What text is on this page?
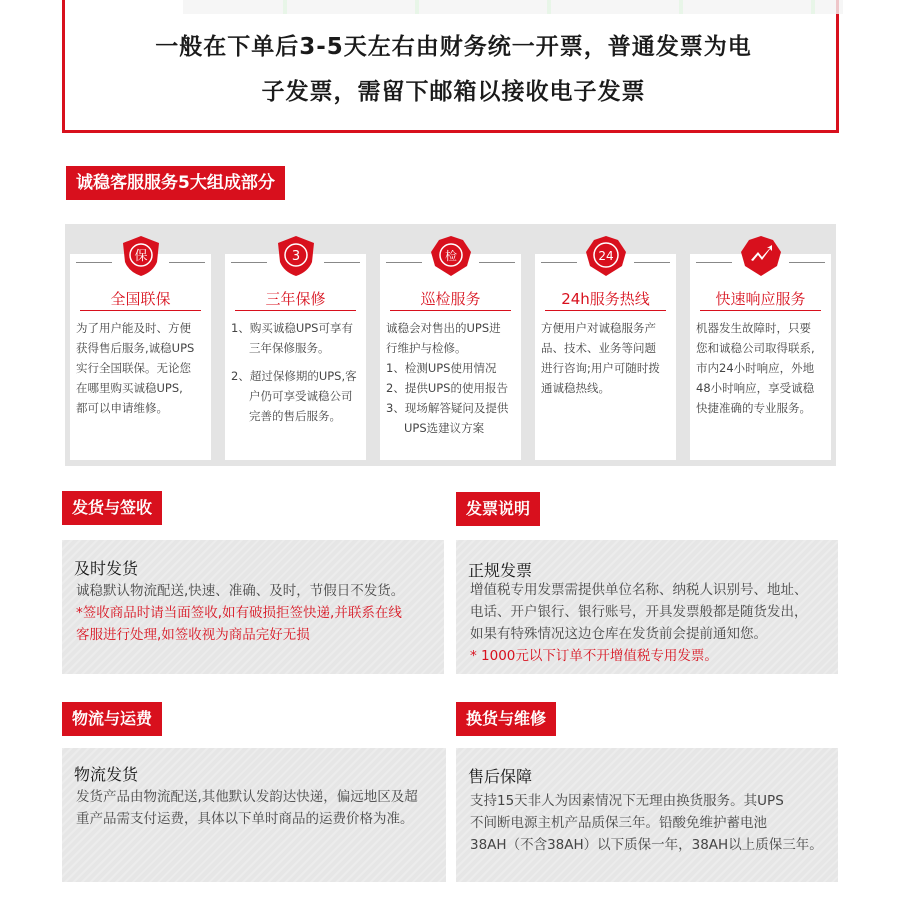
一般在下单后3-5天左右由财务统一开票，普通发票为电
子发票，需留下邮箱以接收电子发票
诚稳客服服务5大组成部分
保
全国联保

为了用户能及时、方便

获得售后服务,诚稳UPS

实行全国联保。无论您

在哪里购买诚稳UPS,

都可以申请维修。

3
三年保修

1、购买诚稳UPS可享有三年保修服务。

2、超过保修期的UPS,客户仍可享受诚稳公司完善的售后服务。

检
巡检服务

诚稳会对售出的UPS进

行维护与检修。

1、检测UPS使用情况

2、提供UPS的使用报告

3、现场解答疑问及提供UPS选建议方案

24
24h服务热线

方便用户对诚稳服务产

品、技术、业务等问题

进行咨询;用户可随时拨

通诚稳热线。

快速响应服务

机器发生故障时，只要

您和诚稳公司取得联系,

市内24小时响应，外地

48小时响应，享受诚稳

快捷准确的专业服务。

发货与签收
及时发货

诚稳默认物流配送,快速、准确、及时，节假日不发货。

*签收商品时请当面签收,如有破损拒签快递,并联系在线

客服进行处理,如签收视为商品完好无损

发票说明
正规发票

增值税专用发票需提供单位名称、纳税人识别号、地址、

电话、开户银行、银行账号，开具发票般都是随货发出，

如果有特殊情况这边仓库在发货前会提前通知您。

* 1000元以下订单不开增值税专用发票。

物流与运费
物流发货

发货产品由物流配送,其他默认发韵达快递，偏远地区及超

重产品需支付运费，具体以下单时商品的运费价格为准。

换货与维修
售后保障

支持15天非人为因素情况下无理由换货服务。其UPS

不间断电源主机产品质保三年。铅酸免维护蓄电池

38AH（不含38AH）以下质保一年，38AH以上质保三年。
